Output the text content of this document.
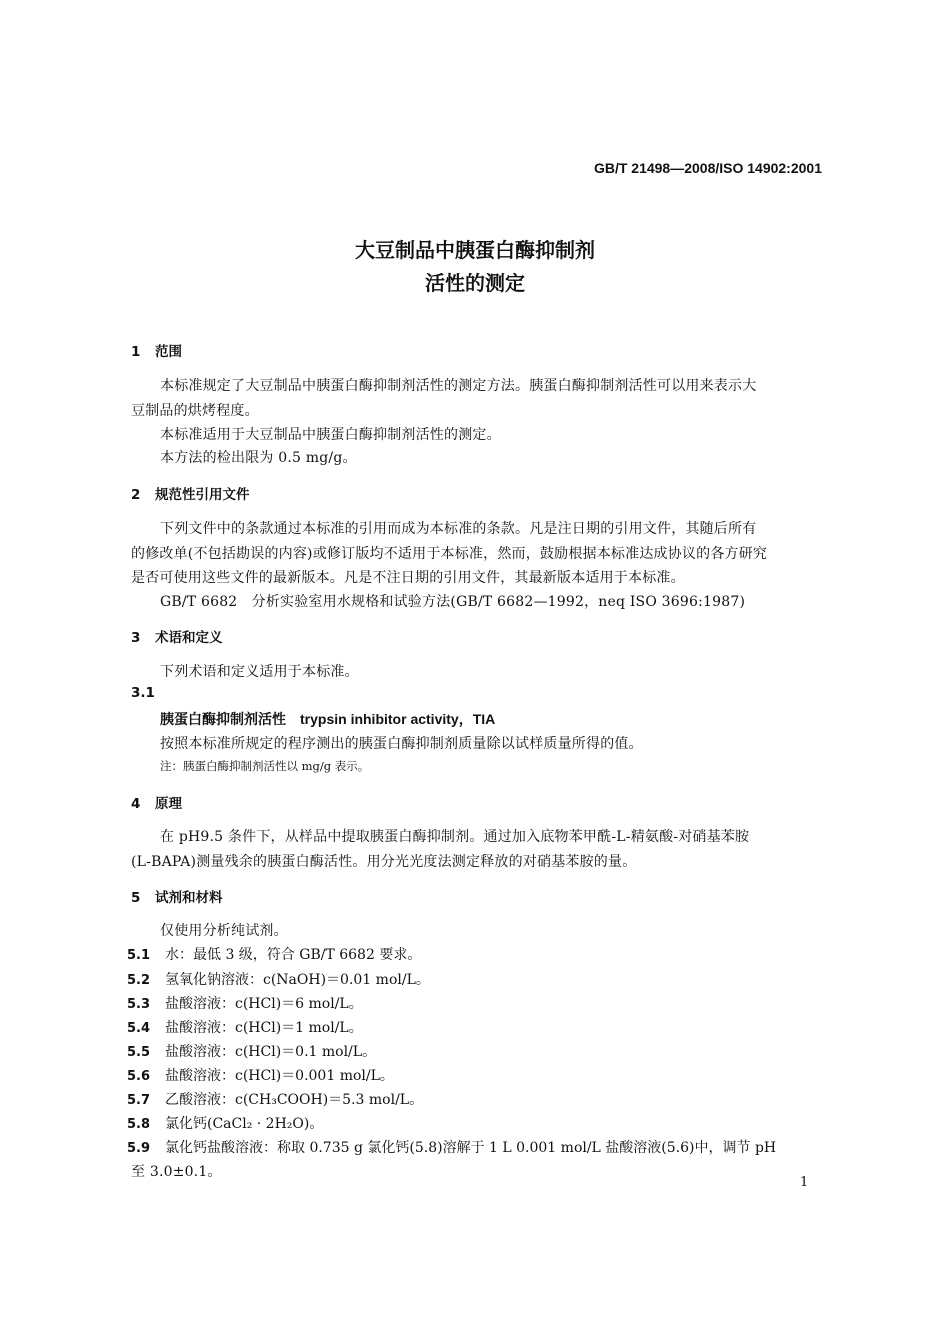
GB/T 21498—2008/ISO 14902:2001
大豆制品中胰蛋白酶抑制剂
活性的测定
1 范围
本标准规定了大豆制品中胰蛋白酶抑制剂活性的测定方法。胰蛋白酶抑制剂活性可以用来表示大
豆制品的烘烤程度。
本标准适用于大豆制品中胰蛋白酶抑制剂活性的测定。
本方法的检出限为 0.5 mg/g。
2 规范性引用文件
下列文件中的条款通过本标准的引用而成为本标准的条款。凡是注日期的引用文件，其随后所有
的修改单(不包括勘误的内容)或修订版均不适用于本标准，然而，鼓励根据本标准达成协议的各方研究
是否可使用这些文件的最新版本。凡是不注日期的引用文件，其最新版本适用于本标准。
GB/T 6682　分析实验室用水规格和试验方法(GB/T 6682—1992，neq ISO 3696:1987)
3 术语和定义
下列术语和定义适用于本标准。
3.1
胰蛋白酶抑制剂活性 trypsin inhibitor activity，TIA
按照本标准所规定的程序测出的胰蛋白酶抑制剂质量除以试样质量所得的值。
注：胰蛋白酶抑制剂活性以 mg/g 表示。
4 原理
在 pH9.5 条件下，从样品中提取胰蛋白酶抑制剂。通过加入底物苯甲酰-L-精氨酸-对硝基苯胺
(L-BAPA)测量残余的胰蛋白酶活性。用分光光度法测定释放的对硝基苯胺的量。
5 试剂和材料
仅使用分析纯试剂。
5.1 水：最低 3 级，符合 GB/T 6682 要求。
5.2 氢氧化钠溶液：c(NaOH)＝0.01 mol/L。
5.3 盐酸溶液：c(HCl)＝6 mol/L。
5.4 盐酸溶液：c(HCl)＝1 mol/L。
5.5 盐酸溶液：c(HCl)＝0.1 mol/L。
5.6 盐酸溶液：c(HCl)＝0.001 mol/L。
5.7 乙酸溶液：c(CH₃COOH)＝5.3 mol/L。
5.8 氯化钙(CaCl₂ · 2H₂O)。
5.9 氯化钙盐酸溶液：称取 0.735 g 氯化钙(5.8)溶解于 1 L 0.001 mol/L 盐酸溶液(5.6)中，调节 pH
至 3.0±0.1。
1
